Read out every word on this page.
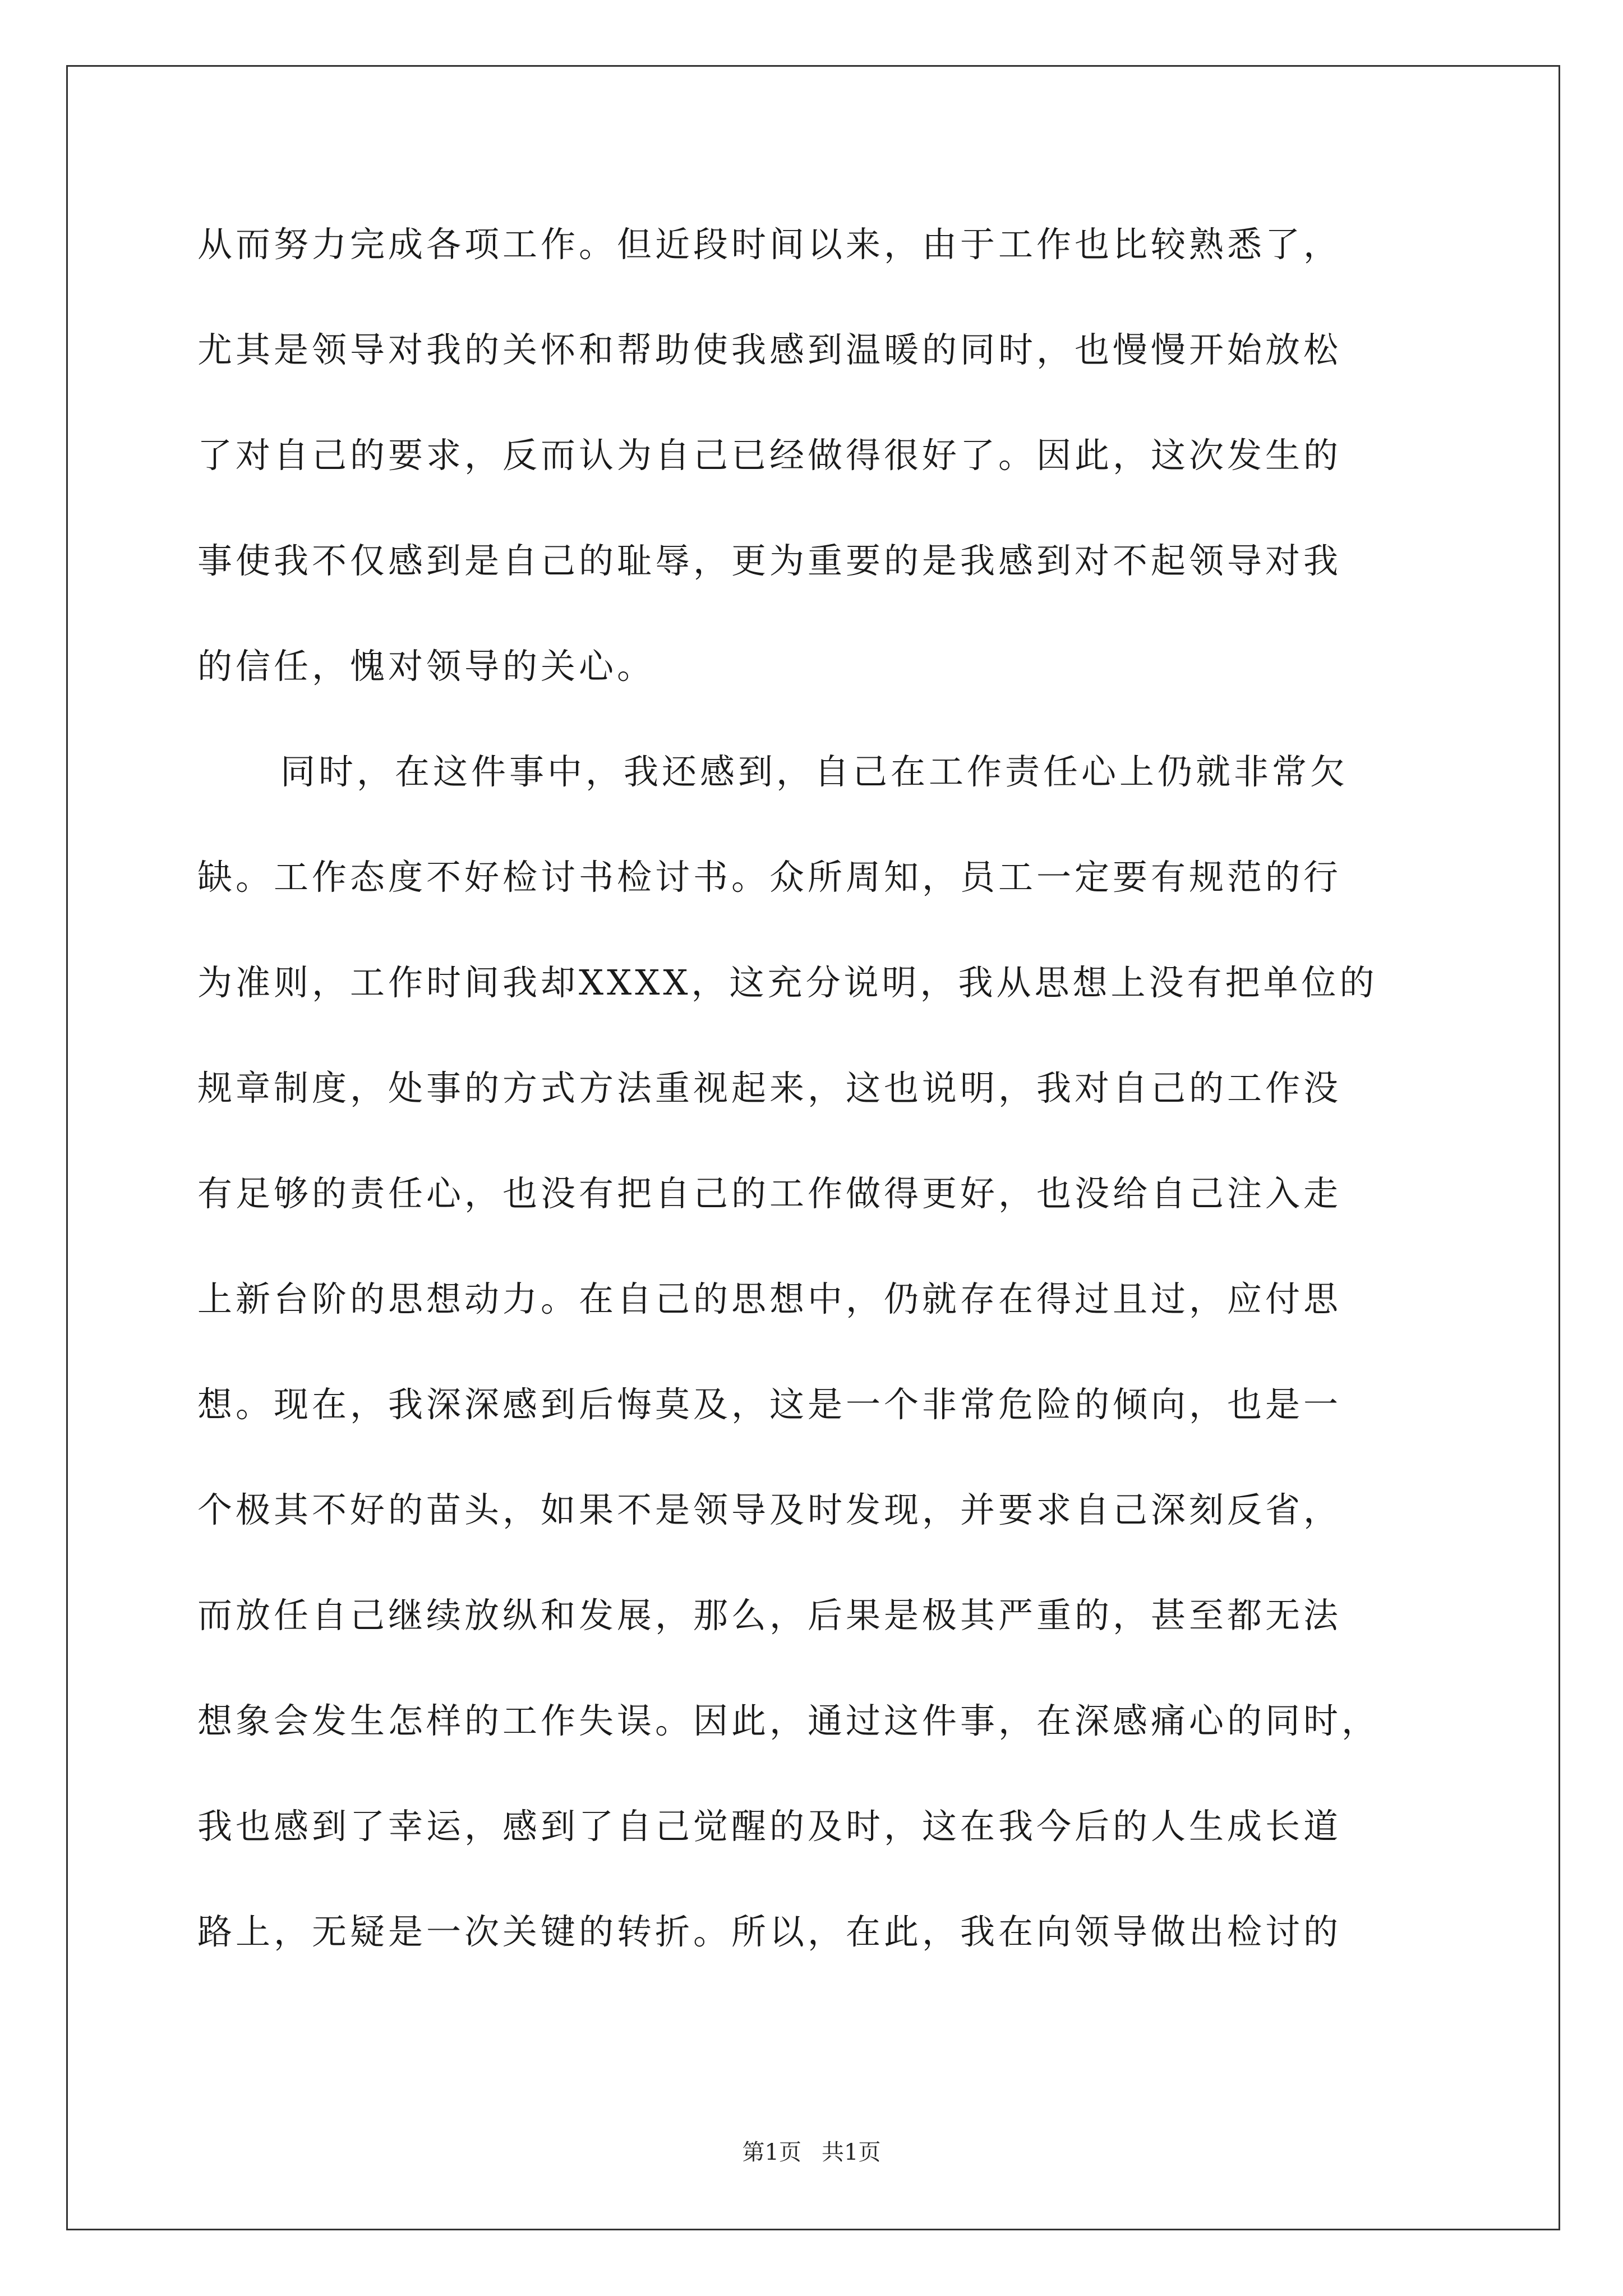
从而努力完成各项工作。但近段时间以来，由于工作也比较熟悉了，
尤其是领导对我的关怀和帮助使我感到温暖的同时，也慢慢开始放松
了对自己的要求，反而认为自己已经做得很好了。因此，这次发生的
事使我不仅感到是自己的耻辱，更为重要的是我感到对不起领导对我
的信任，愧对领导的关心。
同时，在这件事中，我还感到，自己在工作责任心上仍就非常欠
缺。工作态度不好检讨书检讨书。众所周知，员工一定要有规范的行
为准则，工作时间我却XXXX，这充分说明，我从思想上没有把单位的
规章制度，处事的方式方法重视起来，这也说明，我对自己的工作没
有足够的责任心，也没有把自己的工作做得更好，也没给自己注入走
上新台阶的思想动力。在自己的思想中，仍就存在得过且过，应付思
想。现在，我深深感到后悔莫及，这是一个非常危险的倾向，也是一
个极其不好的苗头，如果不是领导及时发现，并要求自己深刻反省，
而放任自己继续放纵和发展，那么，后果是极其严重的，甚至都无法
想象会发生怎样的工作失误。因此，通过这件事，在深感痛心的同时，
我也感到了幸运，感到了自己觉醒的及时，这在我今后的人生成长道
路上，无疑是一次关键的转折。所以，在此，我在向领导做出检讨的
第1页 共1页
